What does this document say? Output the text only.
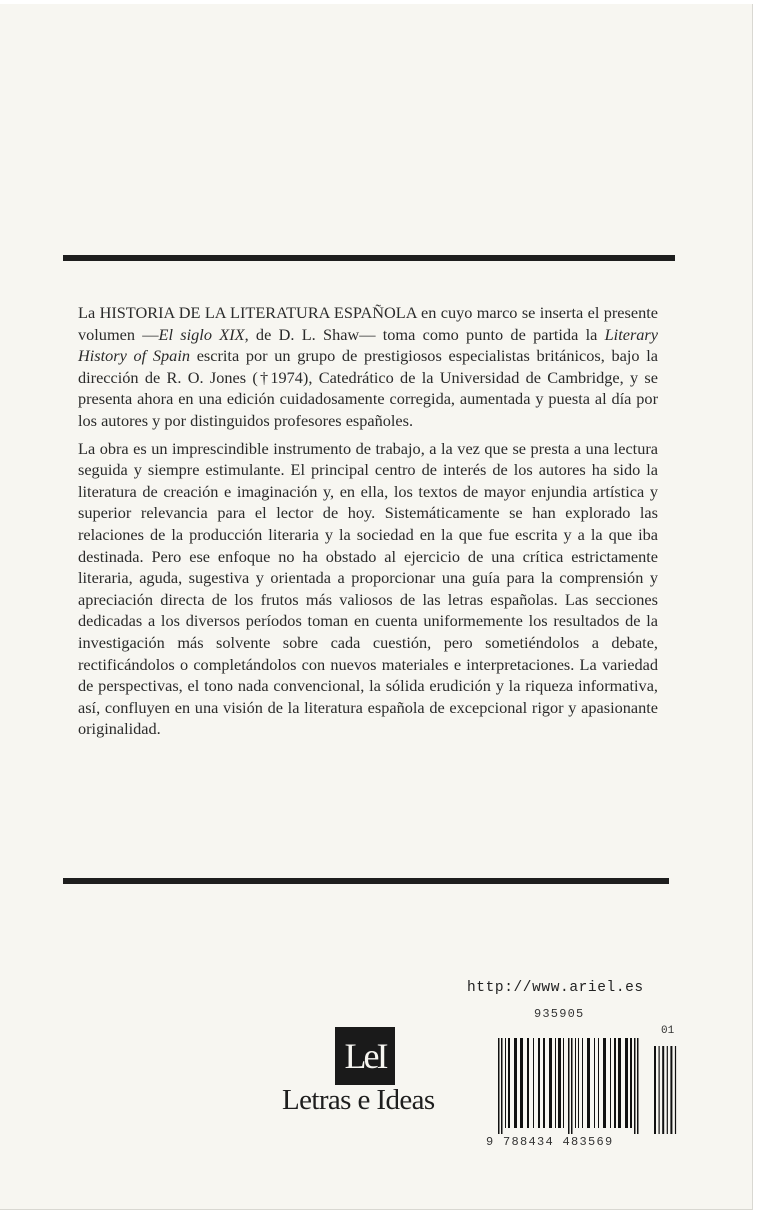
La HISTORIA DE LA LITERATURA ESPAÑOLA en cuyo marco se inserta el presente volumen —El siglo XIX, de D. L. Shaw— toma como punto de partida la Literary History of Spain escrita por un grupo de prestigiosos especialistas británicos, bajo la dirección de R. O. Jones (†1974), Catedrático de la Universidad de Cambridge, y se presenta ahora en una edición cuidadosamente corregida, aumentada y puesta al día por los autores y por distinguidos profesores españoles.

La obra es un imprescindible instrumento de trabajo, a la vez que se presta a una lectura seguida y siempre estimulante. El principal centro de interés de los autores ha sido la literatura de creación e imaginación y, en ella, los textos de mayor enjundia artística y superior relevancia para el lector de hoy. Sistemáticamente se han explorado las relaciones de la producción literaria y la sociedad en la que fue escrita y a la que iba destinada. Pero ese enfoque no ha obstado al ejercicio de una crítica estrictamente literaria, aguda, sugestiva y orientada a proporcionar una guía para la comprensión y apreciación directa de los frutos más valiosos de las letras españolas. Las secciones dedicadas a los diversos períodos toman en cuenta uniformemente los resultados de la investigación más solvente sobre cada cuestión, pero sometiéndolos a debate, rectificándolos o completándolos con nuevos materiales e interpretaciones. La variedad de perspectivas, el tono nada convencional, la sólida erudición y la riqueza informativa, así, confluyen en una visión de la literatura española de excepcional rigor y apasionante originalidad.

LeI
Letras e Ideas
http://www.ariel.es
935905
01
9 788434 483569
